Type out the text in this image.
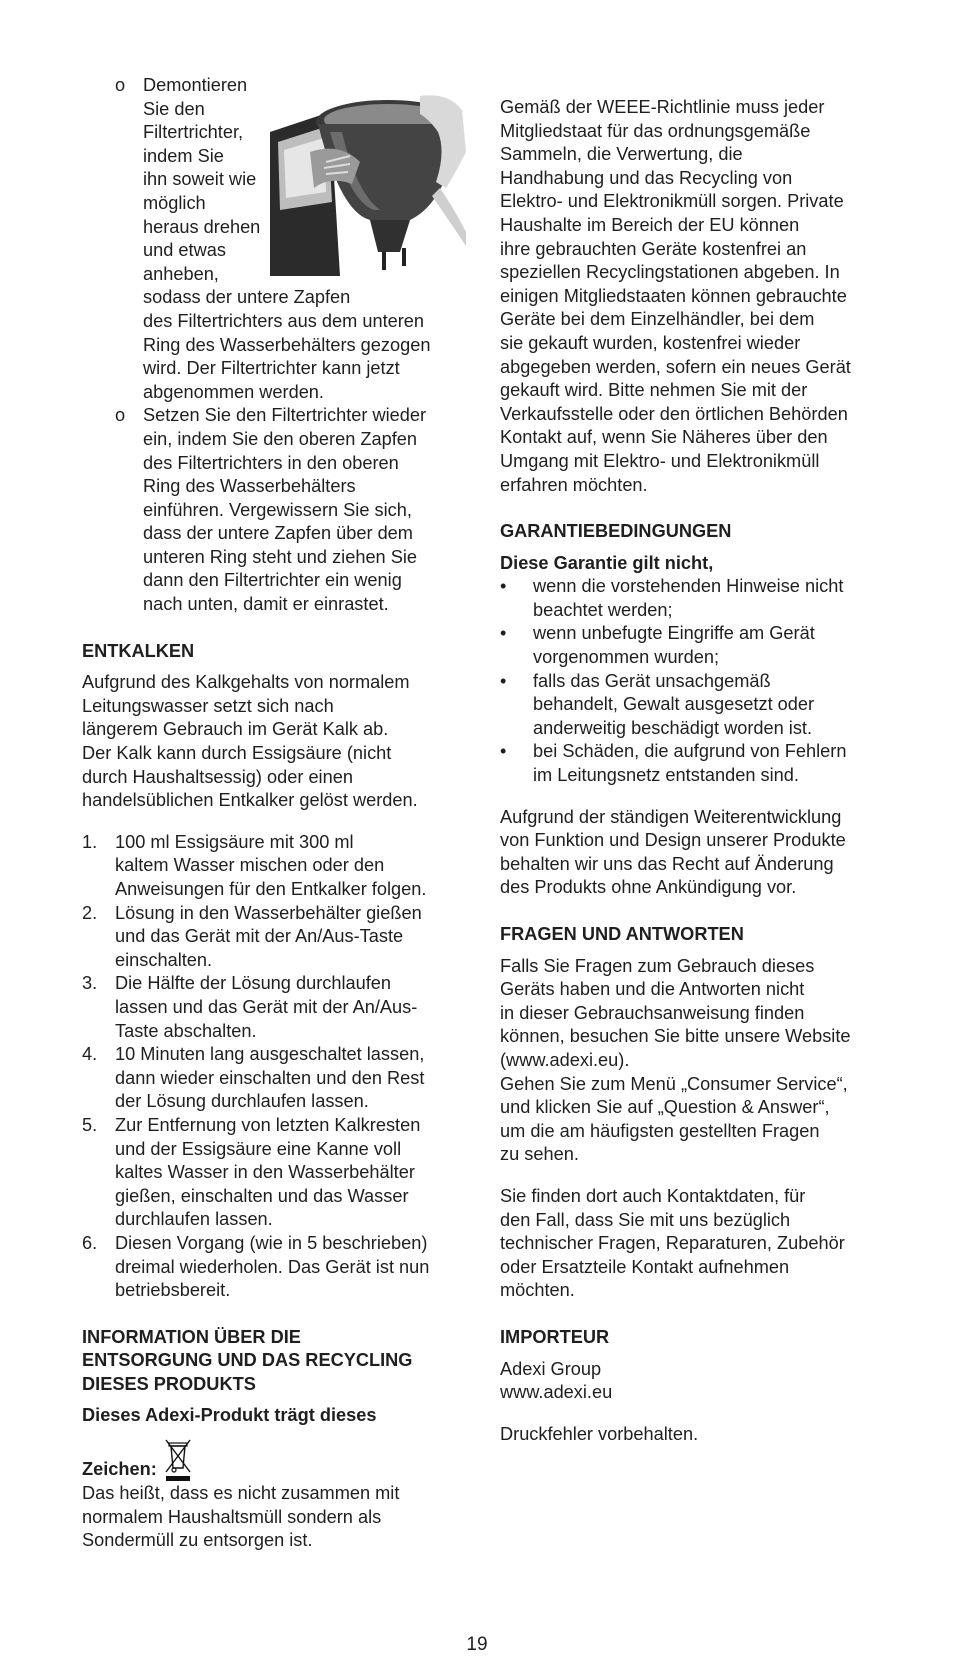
o Demontieren
Sie den
Filtertrichter,
indem Sie
ihn soweit wie
möglich
heraus drehen
und etwas
anheben, sodass der untere Zapfen
des Filtertrichters aus dem unteren
Ring des Wasserbehälters gezogen
wird. Der Filtertrichter kann jetzt
abgenommen werden.
o Setzen Sie den Filtertrichter wieder
ein, indem Sie den oberen Zapfen
des Filtertrichters in den oberen
Ring des Wasserbehälters
einführen. Vergewissern Sie sich,
dass der untere Zapfen über dem
unteren Ring steht und ziehen Sie
dann den Filtertrichter ein wenig
nach unten, damit er einrastet.

ENTKALKEN

Aufgrund des Kalkgehalts von normalem
Leitungswasser setzt sich nach
längerem Gebrauch im Gerät Kalk ab.
Der Kalk kann durch Essigsäure (nicht
durch Haushaltsessig) oder einen
handelsüblichen Entkalker gelöst werden.
1. 100 ml Essigsäure mit 300 ml
kaltem Wasser mischen oder den
Anweisungen für den Entkalker folgen.
2. Lösung in den Wasserbehälter gießen
und das Gerät mit der An/Aus-Taste
einschalten.
3. Die Hälfte der Lösung durchlaufen
lassen und das Gerät mit der An/Aus-
Taste abschalten.
4. 10 Minuten lang ausgeschaltet lassen,
dann wieder einschalten und den Rest
der Lösung durchlaufen lassen.
5. Zur Entfernung von letzten Kalkresten
und der Essigsäure eine Kanne voll
kaltes Wasser in den Wasserbehälter
gießen, einschalten und das Wasser
durchlaufen lassen.
6. Diesen Vorgang (wie in 5 beschrieben)
dreimal wiederholen. Das Gerät ist nun
betriebsbereit.

INFORMATION ÜBER DIE

ENTSORGUNG UND DAS RECYCLING

DIESES PRODUKTS

Dieses Adexi-Produkt trägt dieses

Zeichen:
Das heißt, dass es nicht zusammen mit
normalem Haushaltsmüll sondern als
Sondermüll zu entsorgen ist.
Gemäß der WEEE-Richtlinie muss jeder
Mitgliedstaat für das ordnungsgemäße
Sammeln, die Verwertung, die
Handhabung und das Recycling von
Elektro- und Elektronikmüll sorgen. Private
Haushalte im Bereich der EU können
ihre gebrauchten Geräte kostenfrei an
speziellen Recyclingstationen abgeben. In
einigen Mitgliedstaaten können gebrauchte
Geräte bei dem Einzelhändler, bei dem
sie gekauft wurden, kostenfrei wieder
abgegeben werden, sofern ein neues Gerät
gekauft wird. Bitte nehmen Sie mit der
Verkaufsstelle oder den örtlichen Behörden
Kontakt auf, wenn Sie Näheres über den
Umgang mit Elektro- und Elektronikmüll
erfahren möchten.

GARANTIEBEDINGUNGEN

Diese Garantie gilt nicht,

• wenn die vorstehenden Hinweise nicht
beachtet werden;
• wenn unbefugte Eingriffe am Gerät
vorgenommen wurden;
• falls das Gerät unsachgemäß
behandelt, Gewalt ausgesetzt oder
anderweitig beschädigt worden ist.
• bei Schäden, die aufgrund von Fehlern
im Leitungsnetz entstanden sind.
Aufgrund der ständigen Weiterentwicklung
von Funktion und Design unserer Produkte
behalten wir uns das Recht auf Änderung
des Produkts ohne Ankündigung vor.

FRAGEN UND ANTWORTEN

Falls Sie Fragen zum Gebrauch dieses
Geräts haben und die Antworten nicht
in dieser Gebrauchsanweisung finden
können, besuchen Sie bitte unsere Website
(www.adexi.eu).
Gehen Sie zum Menü „Consumer Service“,
und klicken Sie auf „Question & Answer“,
um die am häufigsten gestellten Fragen
zu sehen.
Sie finden dort auch Kontaktdaten, für
den Fall, dass Sie mit uns bezüglich
technischer Fragen, Reparaturen, Zubehör
oder Ersatzteile Kontakt aufnehmen
möchten.

IMPORTEUR

Adexi Group
www.adexi.eu

Druckfehler vorbehalten.

19
